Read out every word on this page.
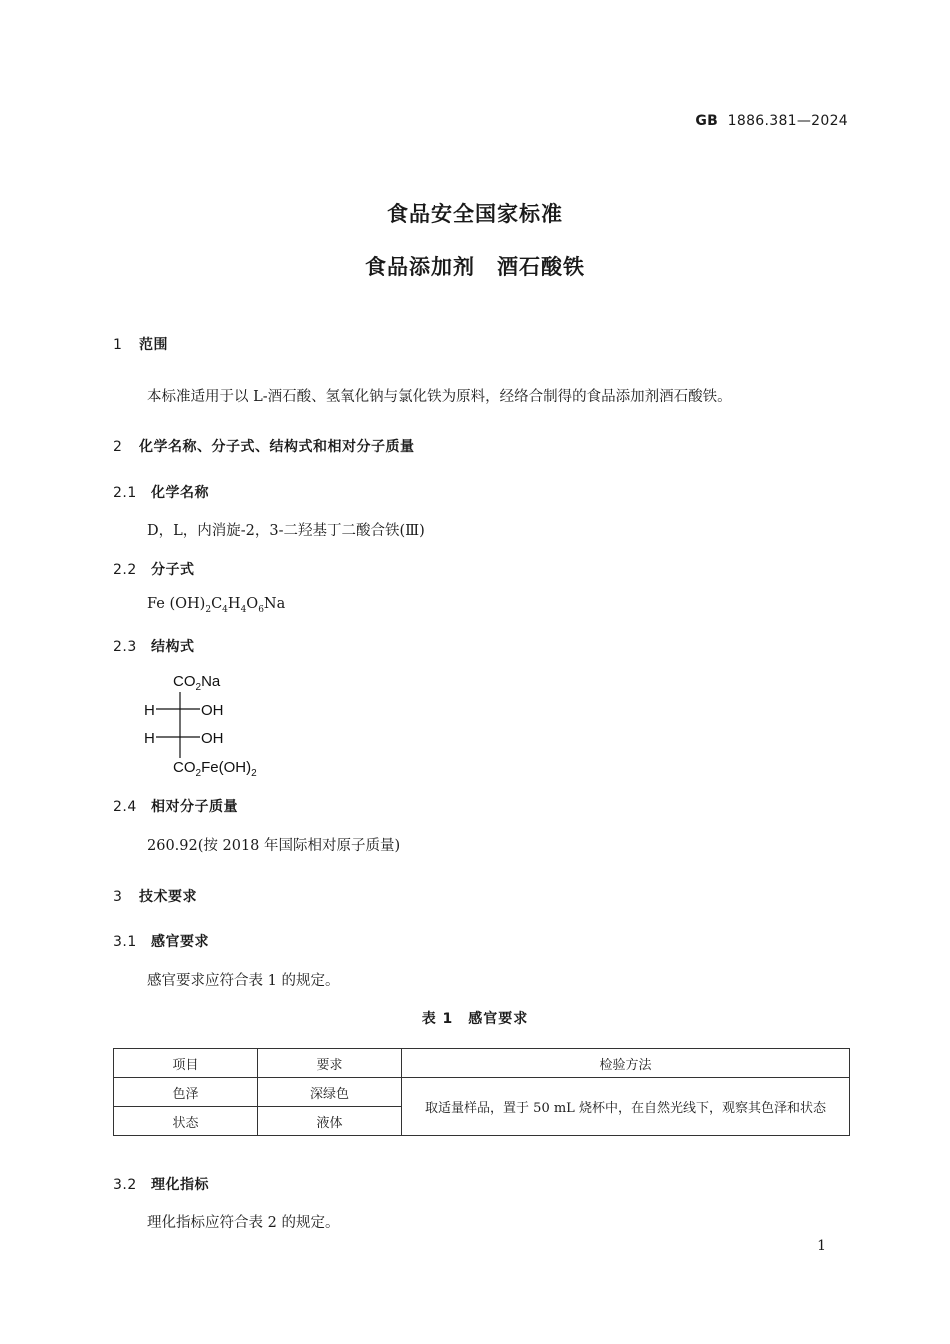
GB 1886.381—2024
食品安全国家标准
食品添加剂　酒石酸铁
1 范围
本标准适用于以 L-酒石酸、氢氧化钠与氯化铁为原料，经络合制得的食品添加剂酒石酸铁。
2 化学名称、分子式、结构式和相对分子质量
2.1 化学名称
D，L，内消旋-2，3-二羟基丁二酸合铁(Ⅲ)
2.2 分子式
Fe $(OH)_2C_4H_4O_6Na$
2.3 结构式
$CO_2Na$
H	OH
H	OH
$CO_2Fe(OH)_2$
2.4 相对分子质量
260.92(按 2018 年国际相对原子质量)
3 技术要求
3.1 感官要求
感官要求应符合表 1 的规定。
表 1　感官要求
项目	要求	检验方法
色泽	深绿色	取适量样品，置于 50 mL 烧杯中，在自然光线下，观察其色泽和状态
状态	液体	
3.2 理化指标
理化指标应符合表 2 的规定。
1
